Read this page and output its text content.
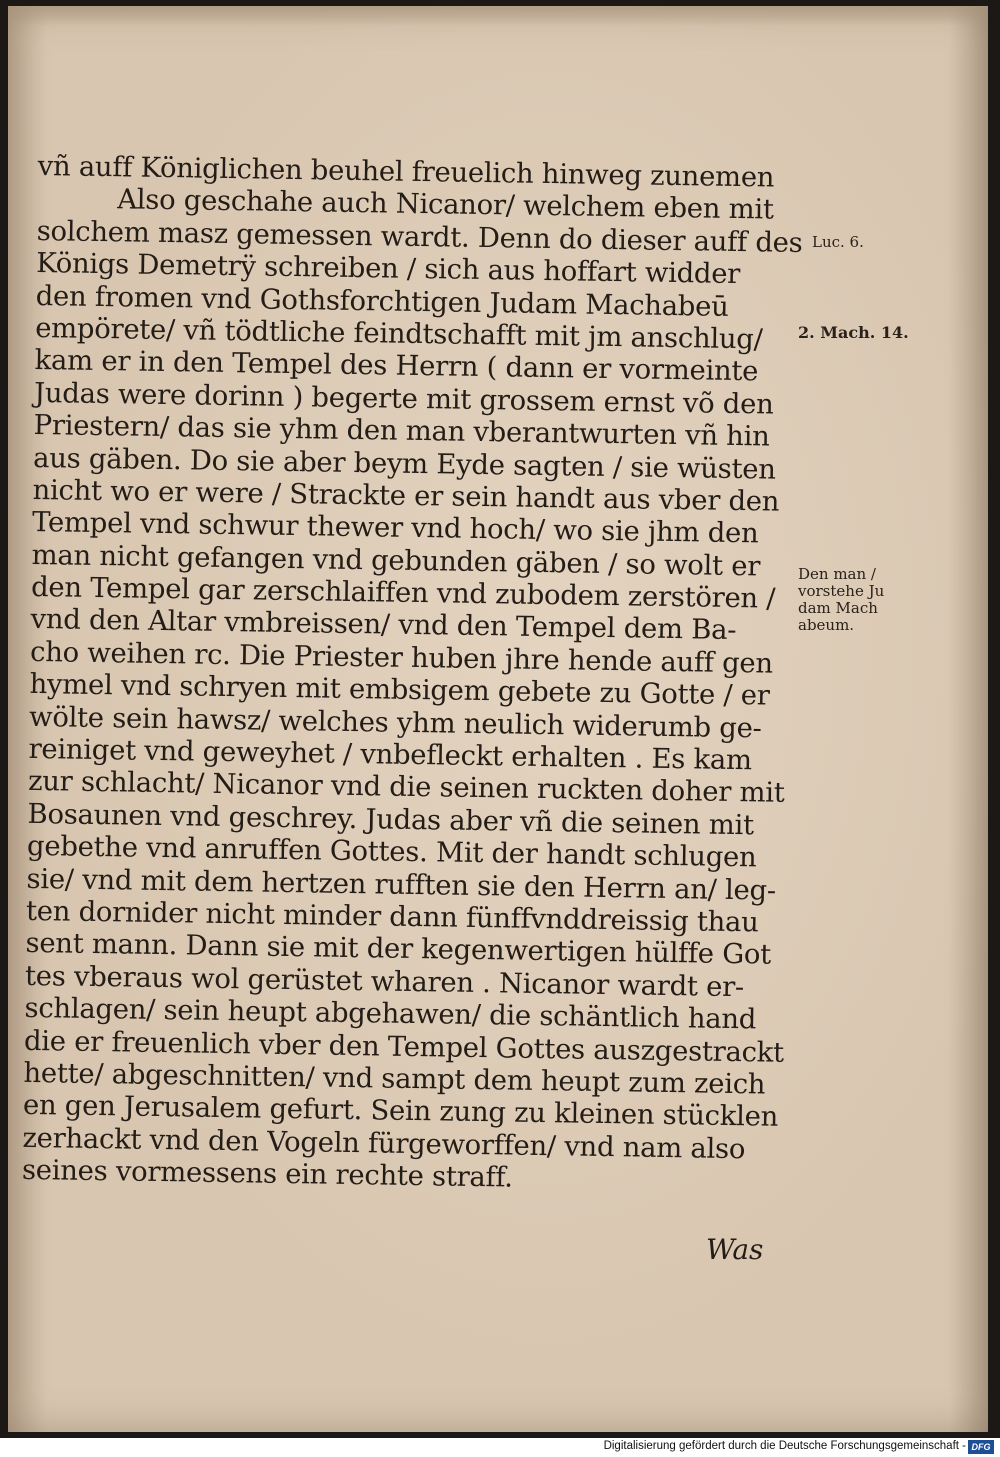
vñ auff Königlichen beuhel freuelich hinweg zunemen
Also geschahe auch Nicanor/ welchem eben mit
solchem masz gemessen wardt. Denn do dieser auff des
Königs Demetrÿ schreiben / sich aus hoffart widder
den fromen vnd Gothsforchtigen Judam Machabeū
empörete/ vñ tödtliche feindtschafft mit jm anschlug/
kam er in den Tempel des Herrn ( dann er vormeinte
Judas were dorinn ) begerte mit grossem ernst võ den
Priestern/ das sie yhm den man vberantwurten vñ hin
aus gäben. Do sie aber beym Eyde sagten / sie wüsten
nicht wo er were / Strackte er sein handt aus vber den
Tempel vnd schwur thewer vnd hoch/ wo sie jhm den
man nicht gefangen vnd gebunden gäben / so wolt er
den Tempel gar zerschlaiffen vnd zubodem zerstören /
vnd den Altar vmbreissen/ vnd den Tempel dem Ba-
cho weihen rc. Die Priester huben jhre hende auff gen
hymel vnd schryen mit embsigem gebete zu Gotte / er
wölte sein hawsz/ welches yhm neulich widerumb ge-
reiniget vnd geweyhet / vnbefleckt erhalten . Es kam
zur schlacht/ Nicanor vnd die seinen ruckten doher mit
Bosaunen vnd geschrey. Judas aber vñ die seinen mit
gebethe vnd anruffen Gottes. Mit der handt schlugen
sie/ vnd mit dem hertzen rufften sie den Herrn an/ leg-
ten dornider nicht minder dann fünffvnddreissig thau
sent mann. Dann sie mit der kegenwertigen hülffe Got
tes vberaus wol gerüstet wharen . Nicanor wardt er-
schlagen/ sein heupt abgehawen/ die schäntlich hand
die er freuenlich vber den Tempel Gottes auszgestrackt
hette/ abgeschnitten/ vnd sampt dem heupt zum zeich
en gen Jerusalem gefurt. Sein zung zu kleinen stücklen
zerhackt vnd den Vogeln fürgeworffen/ vnd nam also
seines vormessens ein rechte straff.
Luc. 6.
2. Mach. 14.
Den man /
vorstehe Ju
dam Mach
abeum.
Was
Digitalisierung gefördert durch die Deutsche Forschungsgemeinschaft - DFG
